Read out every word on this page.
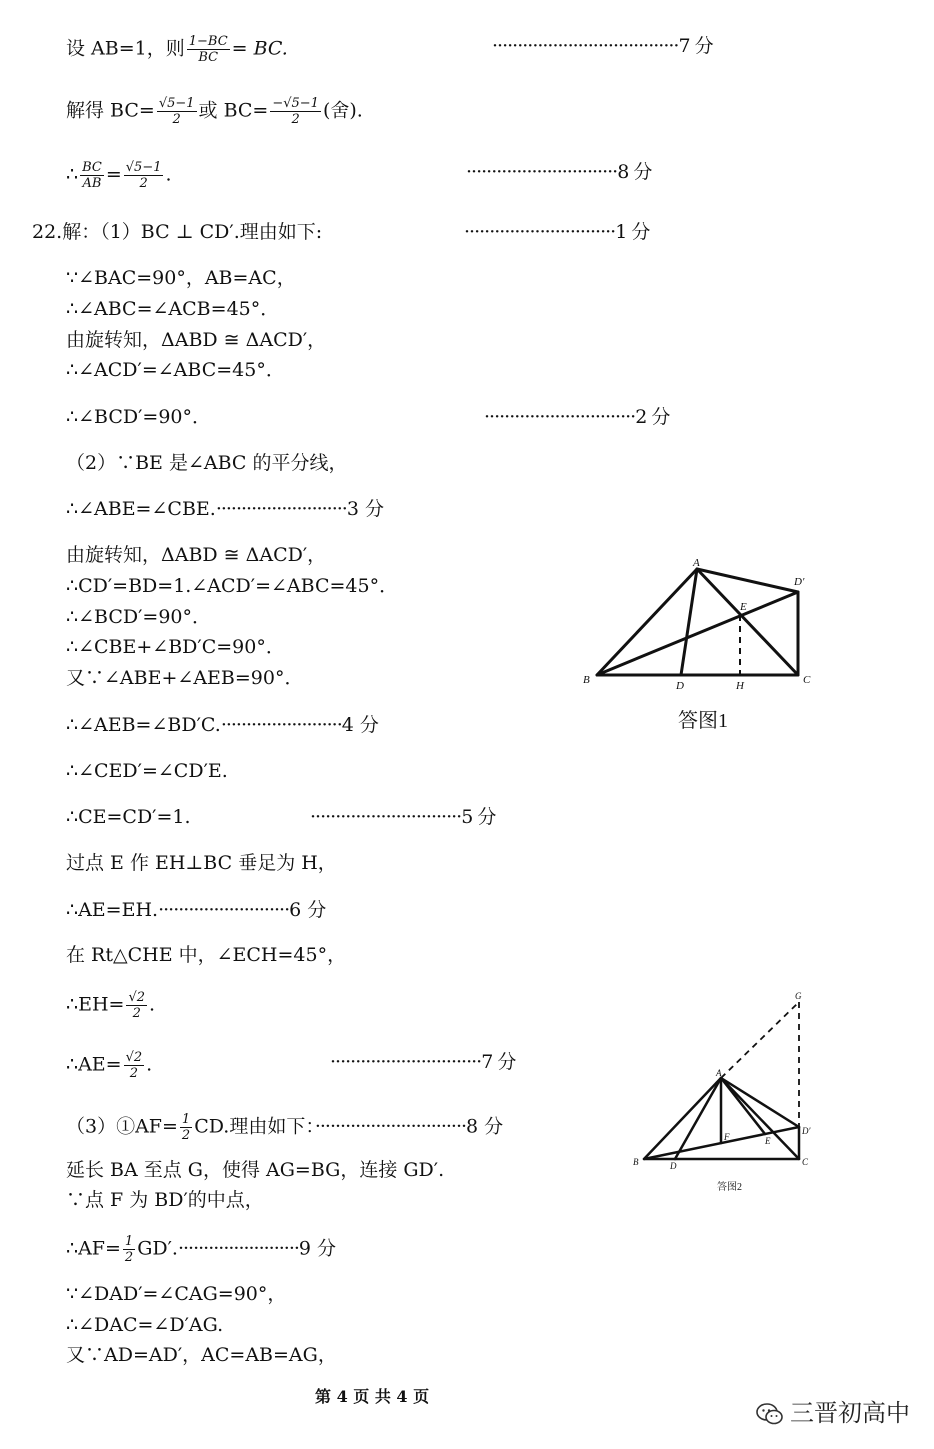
设 AB=1，则 $\frac{1-BC}{BC}$ = BC.	·····································7 分
解得 $BC= \frac{√5-1}{2}$ 或 $BC= \frac{-√5-1}{2}$ (舍).
∴ $\frac{BC}{AB} = \frac{√5-1}{2}$ .	······························8 分
22.解：（1）BC ⊥ CD′.理由如下:	······························1 分
∵∠BAC=90°，AB=AC，
∴∠ABC=∠ACB=45°．
由旋转知，ΔABD ≅ ΔACD′，
∴∠ACD′=∠ABC=45°．
∴∠BCD′=90°．	······························2 分
（2）∵BE 是∠ABC 的平分线，
∴∠ABE=∠CBE.··························3 分
由旋转知，ΔABD ≅ ΔACD′，
∴CD′=BD=1.∠ACD′=∠ABC=45°．
∴∠BCD′=90°．
∴∠CBE+∠BD′C=90°．
又∵∠ABE+∠AEB=90°．
∴∠AEB=∠BD′C.························4 分
∴∠CED′=∠CD′E.
∴CE=CD′=1.	······························5 分
过点 E 作 EH⊥BC 垂足为 H，
∴AE=EH.··························6 分
在 Rt△CHE 中，∠ECH=45°，
∴EH= $\frac{√2}{2}$ .
∴AE= $\frac{√2}{2}$ .	······························7 分
（3）①AF= $\frac{1}{2}$ CD.理由如下：······························8 分
延长 BA 至点 G，使得 AG=BG，连接 GD′.
∵点 F 为 BD′的中点，
∴AF= $\frac{1}{2} GD'.\cdot\cdot\cdot\cdot\cdot\cdot\cdot\cdot\cdot\cdot\cdot\cdot\cdot\cdot\cdot\cdot\cdot\cdot\cdot\cdot\cdot\cdot\cdot\cdot 9$ 分
∵∠DAD′=∠CAG=90°，
∴∠DAC=∠D′AG.
又∵AD=AD′，AC=AB=AG，
A
B	C
D
D′
E
H
答图1
G
A
B	C
D
D′
F	E
答图2
第 4 页 共 4 页
三晋初高中
